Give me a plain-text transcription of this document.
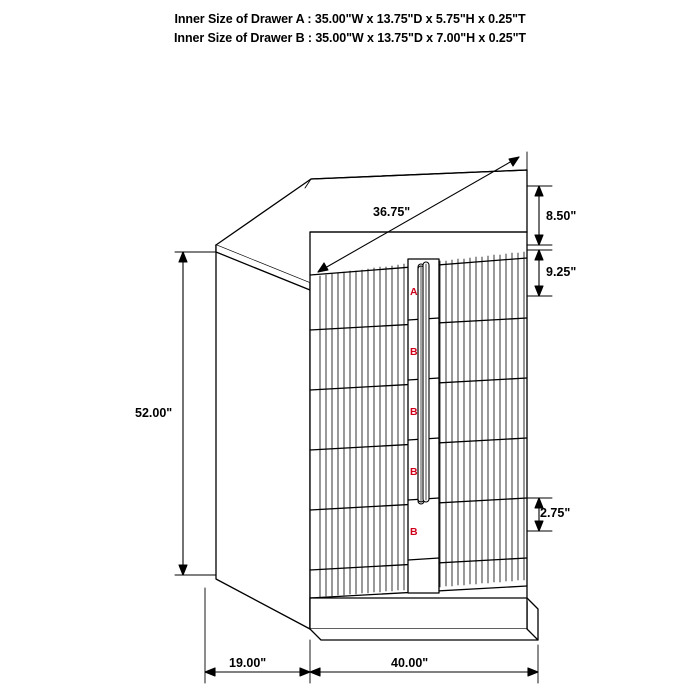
Inner Size of Drawer A : 35.00"W x 13.75"D x 5.75"H x 0.25"T
Inner Size of Drawer B : 35.00"W x 13.75"D x 7.00"H x 0.25"T
36.75"
52.00"
8.50"
9.25"
2.75"
19.00"	40.00"
A
B
B
B
B
